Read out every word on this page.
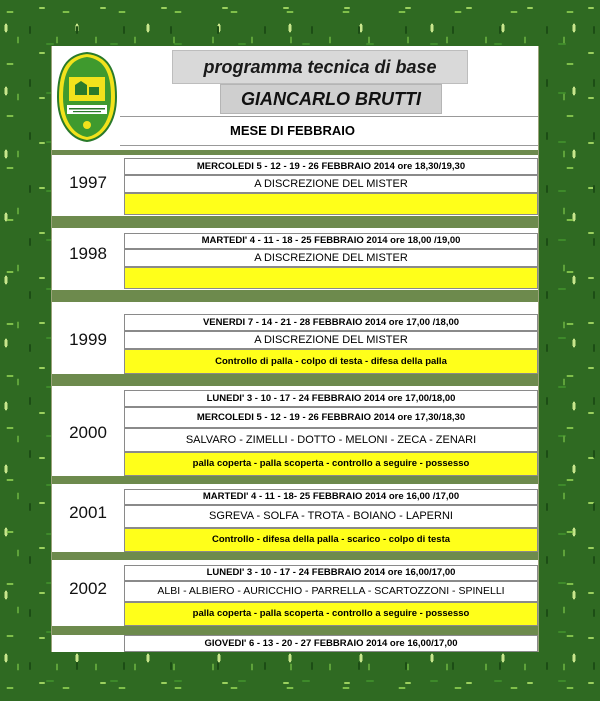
programma tecnica di base
GIANCARLO BRUTTI
MESE DI FEBBRAIO
1997
MERCOLEDI 5 - 12 - 19 - 26 FEBBRAIO 2014 ore 18,30/19,30
A DISCREZIONE DEL MISTER
1998
MARTEDI' 4 - 11 - 18 - 25 FEBBRAIO 2014 ore 18,00 /19,00
A DISCREZIONE DEL MISTER
1999
VENERDI 7 - 14 - 21 - 28 FEBBRAIO 2014 ore 17,00 /18,00
A DISCREZIONE DEL MISTER
Controllo di palla - colpo di testa - difesa della palla
2000
LUNEDI' 3 - 10 - 17 - 24 FEBBRAIO 2014 ore 17,00/18,00
MERCOLEDI 5 - 12 - 19 - 26 FEBBRAIO 2014 ore 17,30/18,30
SALVARO - ZIMELLI - DOTTO - MELONI - ZECA - ZENARI
palla coperta - palla scoperta - controllo a seguire - possesso
2001
MARTEDI' 4 - 11 - 18- 25 FEBBRAIO 2014 ore 16,00 /17,00
SGREVA - SOLFA - TROTA - BOIANO - LAPERNI
Controllo - difesa della palla - scarico - colpo di testa
2002
LUNEDI' 3 - 10 - 17 - 24 FEBBRAIO 2014 ore 16,00/17,00
ALBI - ALBIERO - AURICCHIO - PARRELLA - SCARTOZZONI - SPINELLI
palla coperta - palla scoperta - controllo a seguire - possesso
GIOVEDI' 6 - 13 - 20 - 27 FEBBRAIO 2014 ore 16,00/17,00
